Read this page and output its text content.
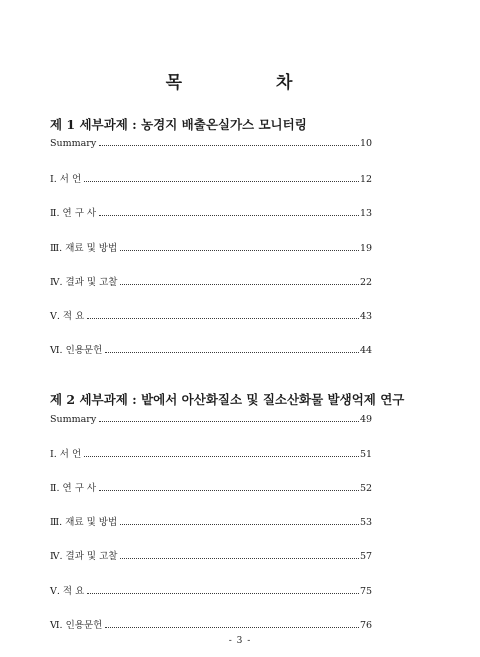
목 차
제 1 세부과제 : 농경지 배출온실가스 모니터링
Summary	10
Ⅰ. 서 언	12
Ⅱ. 연 구 사	13
Ⅲ. 재료 및 방법	19
Ⅳ. 결과 및 고찰	22
Ⅴ. 적 요	43
Ⅵ. 인용문헌	44
제 2 세부과제 : 밭에서 아산화질소 및 질소산화물 발생억제 연구
Summary	49
Ⅰ. 서 언	51
Ⅱ. 연 구 사	52
Ⅲ. 재료 및 방법	53
Ⅳ. 결과 및 고찰	57
Ⅴ. 적 요	75
Ⅵ. 인용문헌	76
- 3 -
